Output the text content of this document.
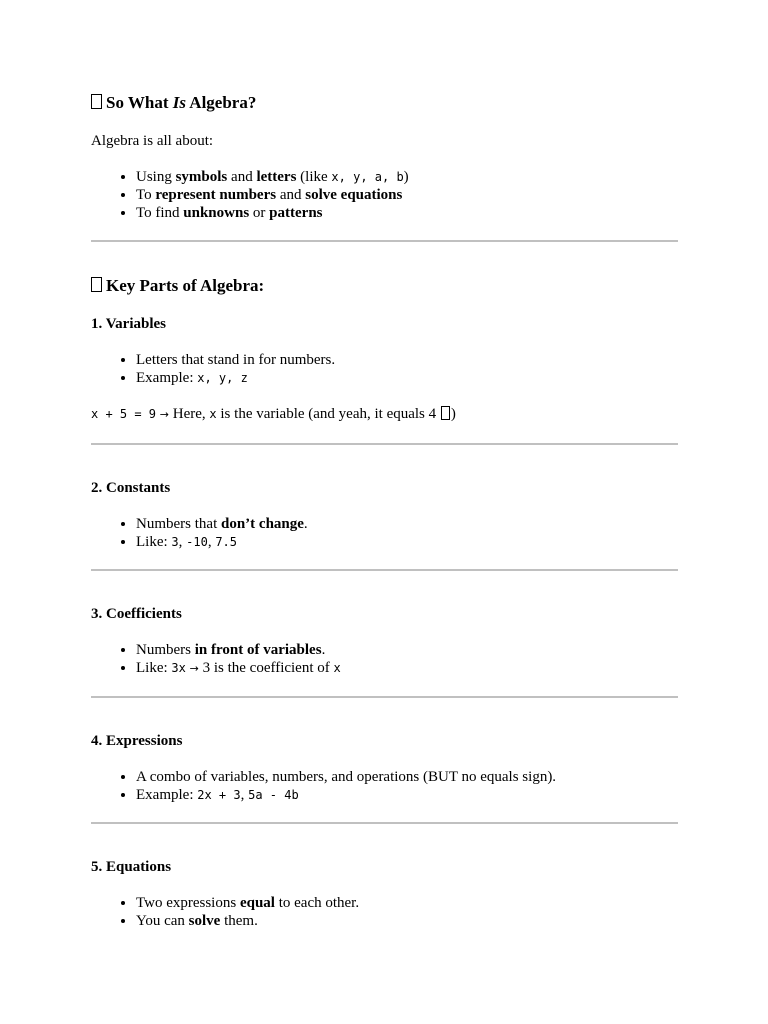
So What Is Algebra?

Algebra is all about:

• Using symbols and letters (like x, y, a, b)
• To represent numbers and solve equations
• To find unknowns or patterns
Key Parts of Algebra:
1. Variables
• Letters that stand in for numbers.
• Example: x, y, z

x + 5 = 9 → Here, x is the variable (and yeah, it equals 4 )

2. Constants
• Numbers that don’t change.
• Like: 3, -10, 7.5
3. Coefficients
• Numbers in front of variables.
• Like: 3x → 3 is the coefficient of x
4. Expressions
• A combo of variables, numbers, and operations (BUT no equals sign).
• Example: 2x + 3, 5a - 4b
5. Equations
• Two expressions equal to each other.
• You can solve them.
